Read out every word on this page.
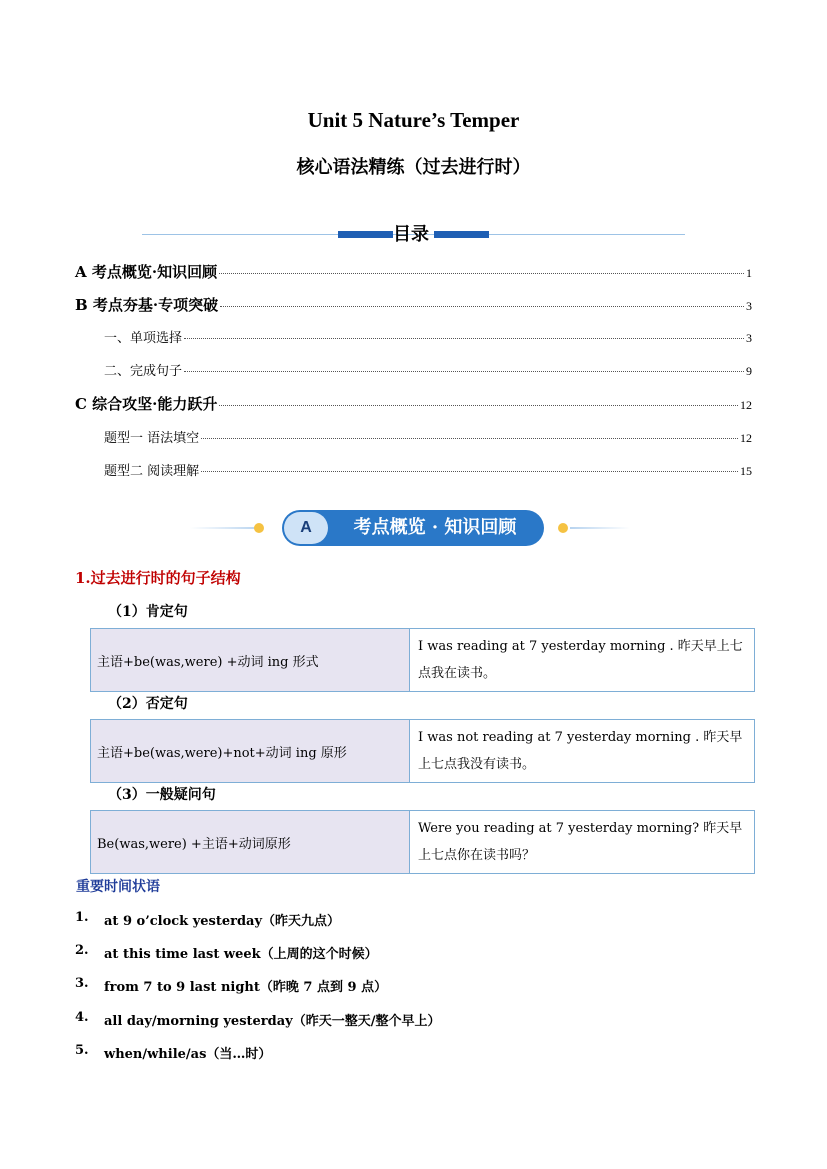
Unit 5 Nature’s Temper
核心语法精练（过去进行时）
目录
A 考点概览·知识回顾	1
B 考点夯基·专项突破	3
一、单项选择	3
二、完成句子	9
C 综合攻坚·能力跃升	12
题型一 语法填空	12
题型二 阅读理解	15
A	考点概览 · 知识回顾
1.过去进行时的句子结构
（1）肯定句
主语+be(was,were) +动词 ing 形式	I was reading at 7 yesterday morning . 昨天早上七点我在读书。
（2）否定句
主语+be(was,were)+not+动词 ing 原形	I was not reading at 7 yesterday morning . 昨天早上七点我没有读书。
（3）一般疑问句
Be(was,were) +主语+动词原形	Were you reading at 7 yesterday morning? 昨天早上七点你在读书吗？
重要时间状语
1.	at 9 o’clock yesterday（昨天九点）
2.	at this time last week（上周的这个时候）
3.	from 7 to 9 last night（昨晚 7 点到 9 点）
4.	all day/morning yesterday（昨天一整天/整个早上）
5.	when/while/as（当…时）
